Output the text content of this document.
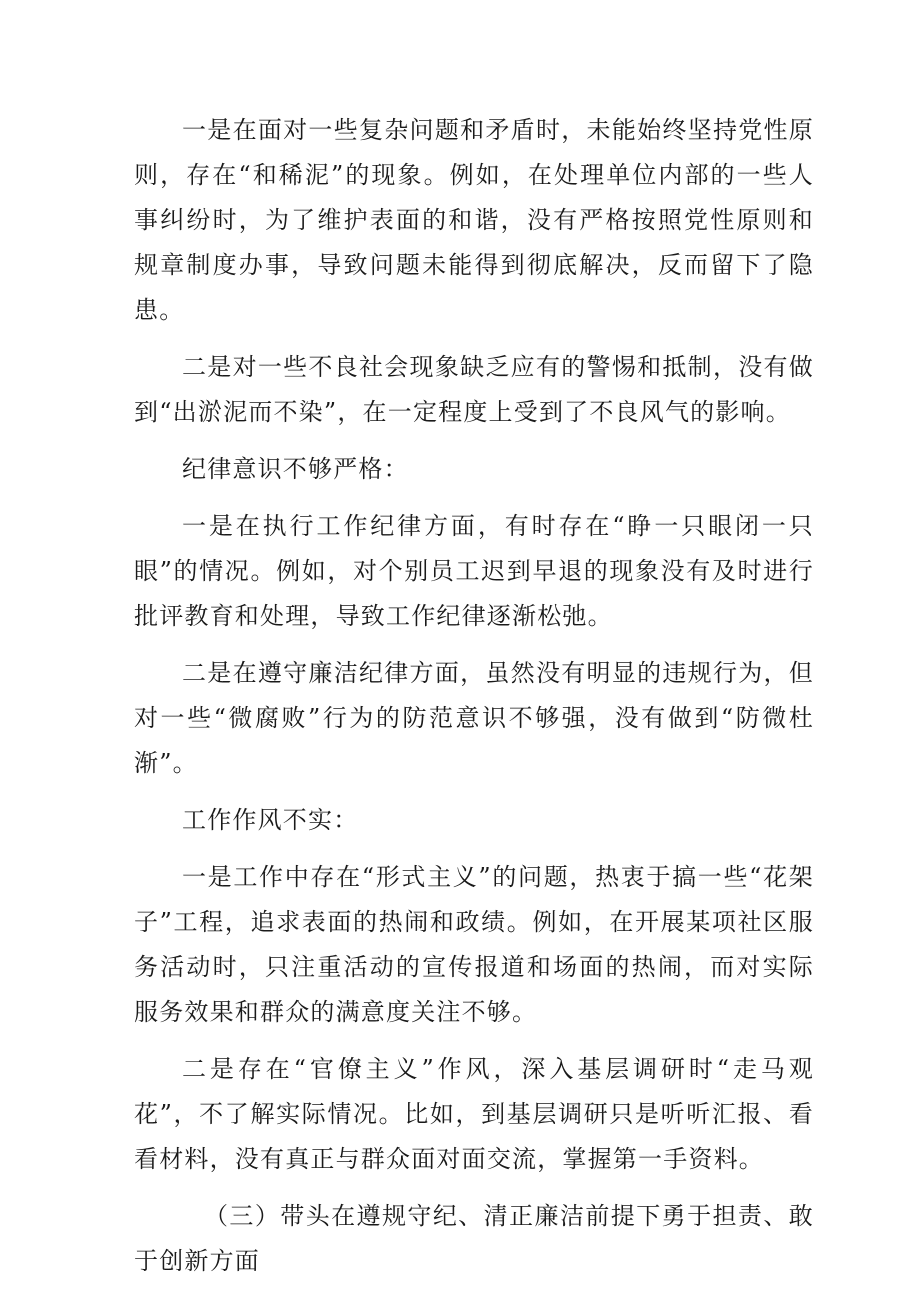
一是在面对一些复杂问题和矛盾时，未能始终坚持党性原则，存在“和稀泥”的现象。例如，在处理单位内部的一些人事纠纷时，为了维护表面的和谐，没有严格按照党性原则和规章制度办事，导致问题未能得到彻底解决，反而留下了隐患。

二是对一些不良社会现象缺乏应有的警惕和抵制，没有做到“出淤泥而不染”，在一定程度上受到了不良风气的影响。

纪律意识不够严格：

一是在执行工作纪律方面，有时存在“睁一只眼闭一只眼”的情况。例如，对个别员工迟到早退的现象没有及时进行批评教育和处理，导致工作纪律逐渐松弛。

二是在遵守廉洁纪律方面，虽然没有明显的违规行为，但对一些“微腐败”行为的防范意识不够强，没有做到“防微杜渐”。

工作作风不实：

一是工作中存在“形式主义”的问题，热衷于搞一些“花架子”工程，追求表面的热闹和政绩。例如，在开展某项社区服务活动时，只注重活动的宣传报道和场面的热闹，而对实际服务效果和群众的满意度关注不够。

二是存在“官僚主义”作风，深入基层调研时“走马观花”，不了解实际情况。比如，到基层调研只是听听汇报、看看材料，没有真正与群众面对面交流，掌握第一手资料。

（三）带头在遵规守纪、清正廉洁前提下勇于担责、敢于创新方面
